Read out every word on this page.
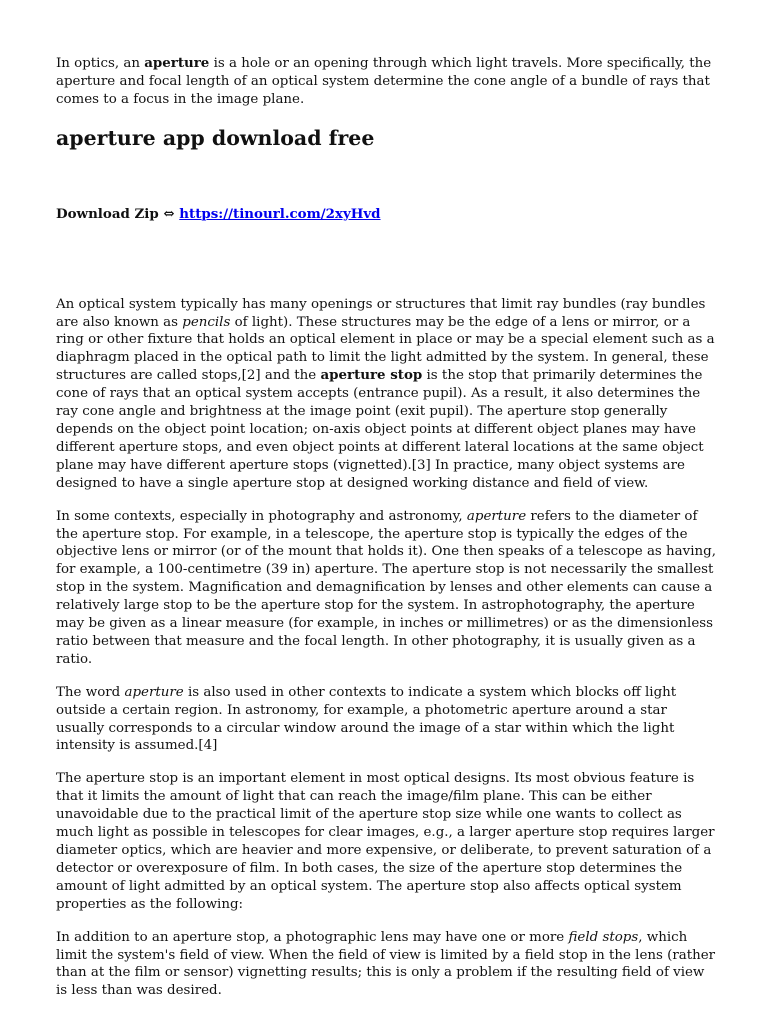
In optics, an aperture is a hole or an opening through which light travels. More specifically, the aperture and focal length of an optical system determine the cone angle of a bundle of rays that comes to a focus in the image plane.

aperture app download free

Download Zip ⇔ https://tinourl.com/2xyHvd

An optical system typically has many openings or structures that limit ray bundles (ray bundles are also known as pencils of light). These structures may be the edge of a lens or mirror, or a ring or other fixture that holds an optical element in place or may be a special element such as a diaphragm placed in the optical path to limit the light admitted by the system. In general, these structures are called stops,[2] and the aperture stop is the stop that primarily determines the cone of rays that an optical system accepts (entrance pupil). As a result, it also determines the ray cone angle and brightness at the image point (exit pupil). The aperture stop generally depends on the object point location; on-axis object points at different object planes may have different aperture stops, and even object points at different lateral locations at the same object plane may have different aperture stops (vignetted).[3] In practice, many object systems are designed to have a single aperture stop at designed working distance and field of view.

In some contexts, especially in photography and astronomy, aperture refers to the diameter of the aperture stop. For example, in a telescope, the aperture stop is typically the edges of the objective lens or mirror (or of the mount that holds it). One then speaks of a telescope as having, for example, a 100-centimetre (39 in) aperture. The aperture stop is not necessarily the smallest stop in the system. Magnification and demagnification by lenses and other elements can cause a relatively large stop to be the aperture stop for the system. In astrophotography, the aperture may be given as a linear measure (for example, in inches or millimetres) or as the dimensionless ratio between that measure and the focal length. In other photography, it is usually given as a ratio.

The word aperture is also used in other contexts to indicate a system which blocks off light outside a certain region. In astronomy, for example, a photometric aperture around a star usually corresponds to a circular window around the image of a star within which the light intensity is assumed.[4]

The aperture stop is an important element in most optical designs. Its most obvious feature is that it limits the amount of light that can reach the image/film plane. This can be either unavoidable due to the practical limit of the aperture stop size while one wants to collect as much light as possible in telescopes for clear images, e.g., a larger aperture stop requires larger diameter optics, which are heavier and more expensive, or deliberate, to prevent saturation of a detector or overexposure of film. In both cases, the size of the aperture stop determines the amount of light admitted by an optical system. The aperture stop also affects optical system properties as the following:

In addition to an aperture stop, a photographic lens may have one or more field stops, which limit the system's field of view. When the field of view is limited by a field stop in the lens (rather than at the film or sensor) vignetting results; this is only a problem if the resulting field of view is less than was desired.
